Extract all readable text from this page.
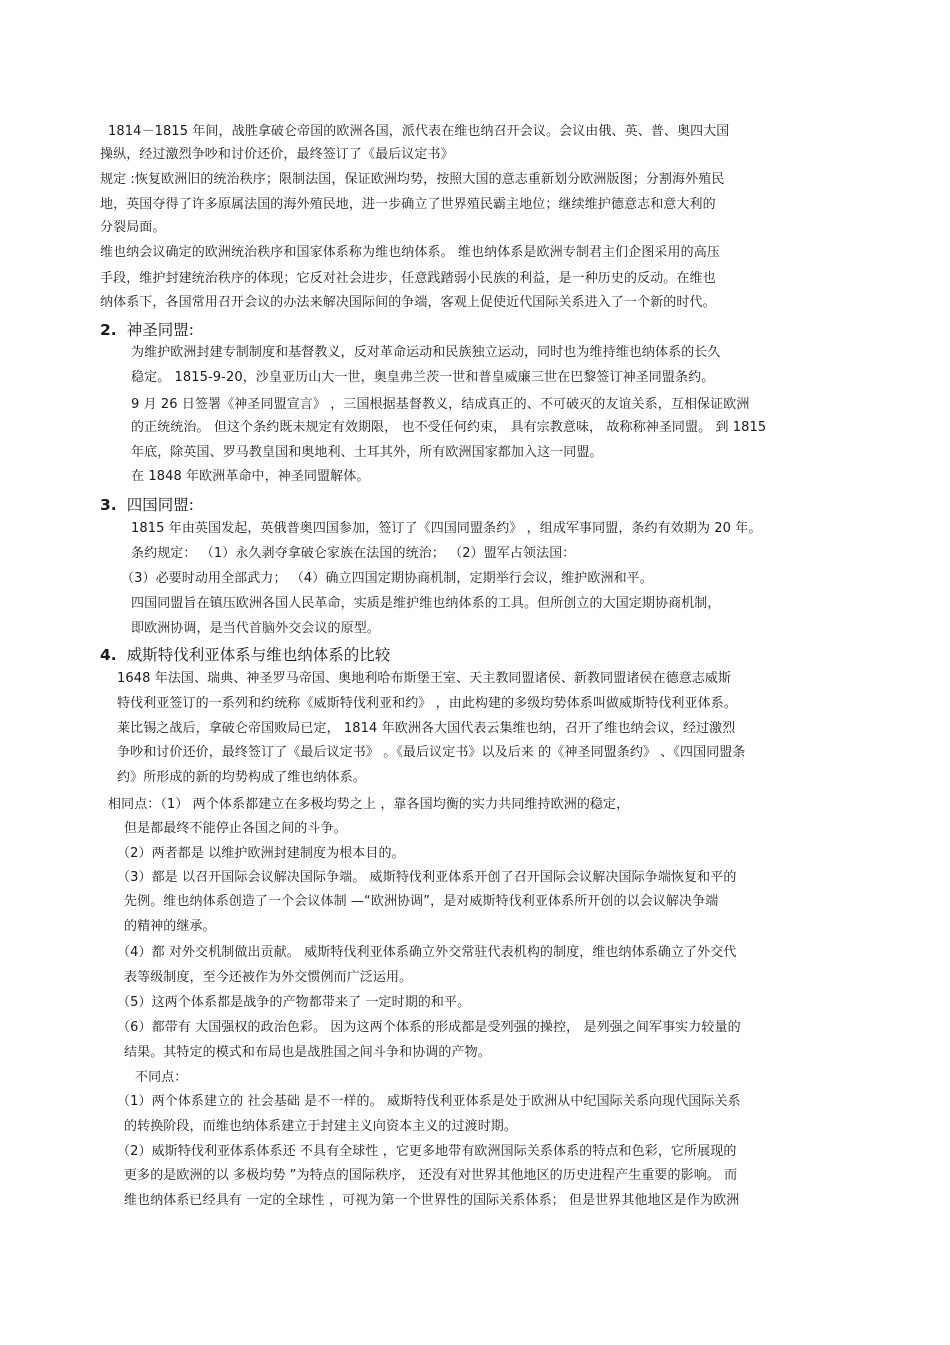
1814－1815 年间，战胜拿破仑帝国的欧洲各国，派代表在维也纳召开会议。会议由俄、英、普、奥四大国
操纵，经过激烈争吵和讨价还价，最终签订了《最后议定书》
规定 :恢复欧洲旧的统治秩序；限制法国，保证欧洲均势，按照大国的意志重新划分欧洲版图；分割海外殖民
地，英国夺得了许多原属法国的海外殖民地，进一步确立了世界殖民霸主地位；继续维护德意志和意大利的
分裂局面。
维也纳会议确定的欧洲统治秩序和国家体系称为维也纳体系。 维也纳体系是欧洲专制君主们企图采用的高压
手段，维护封建统治秩序的体现；它反对社会进步，任意践踏弱小民族的利益，是一种历史的反动。在维也
纳体系下，各国常用召开会议的办法来解决国际间的争端，客观上促使近代国际关系进入了一个新的时代。
2. 神圣同盟:
为维护欧洲封建专制制度和基督教义，反对革命运动和民族独立运动，同时也为维持维也纳体系的长久
稳定。 1815-9-20，沙皇亚历山大一世，奥皇弗兰茨一世和普皇威廉三世在巴黎签订神圣同盟条约。
9 月 26 日签署《神圣同盟宣言》 ，三国根据基督教义，结成真正的、不可破灭的友谊关系，互相保证欧洲
的正统统治。 但这个条约既未规定有效期限， 也不受任何约束， 具有宗教意味， 故称称神圣同盟。 到 1815
年底，除英国、罗马教皇国和奥地利、土耳其外，所有欧洲国家都加入这一同盟。
在 1848 年欧洲革命中，神圣同盟解体。
3. 四国同盟:
1815 年由英国发起，英俄普奥四国参加，签订了《四国同盟条约》 ，组成军事同盟，条约有效期为 20 年。
条约规定： （1）永久剥夺拿破仑家族在法国的统治； （2）盟军占领法国：
（3）必要时动用全部武力； （4）确立四国定期协商机制，定期举行会议，维护欧洲和平。
四国同盟旨在镇压欧洲各国人民革命，实质是维护维也纳体系的工具。但所创立的大国定期协商机制，
即欧洲协调，是当代首脑外交会议的原型。
4. 威斯特伐利亚体系与维也纳体系的比较
1648 年法国、瑞典、神圣罗马帝国、奥地利哈布斯堡王室、天主教同盟诸侯、新教同盟诸侯在德意志威斯
特伐利亚签订的一系列和约统称《威斯特伐利亚和约》 ，由此构建的多级均势体系叫做威斯特伐利亚体系。
莱比锡之战后，拿破仑帝国败局已定， 1814 年欧洲各大国代表云集维也纳，召开了维也纳会议，经过激烈
争吵和讨价还价，最终签订了《最后议定书》 。《最后议定书》以及后来 的《神圣同盟条约》 、《四国同盟条
约》所形成的新的均势构成了维也纳体系。
相同点：（1） 两个体系都建立在多极均势之上 ，靠各国均衡的实力共同维持欧洲的稳定，
但是都最终不能停止各国之间的斗争。
（2）两者都是 以维护欧洲封建制度为根本目的。
（3）都是 以召开国际会议解决国际争端。 威斯特伐利亚体系开创了召开国际会议解决国际争端恢复和平的
先例。维也纳体系创造了一个会议体制 —“欧洲协调”，是对威斯特伐利亚体系所开创的以会议解决争端
的精神的继承。
（4）都 对外交机制做出贡献。 威斯特伐利亚体系确立外交常驻代表机构的制度，维也纳体系确立了外交代
表等级制度，至今还被作为外交惯例而广泛运用。
（5）这两个体系都是战争的产物都带来了 一定时期的和平。
（6）都带有 大国强权的政治色彩。 因为这两个体系的形成都是受列强的操控， 是列强之间军事实力较量的
结果。其特定的模式和布局也是战胜国之间斗争和协调的产物。
不同点：
（1）两个体系建立的 社会基础 是不一样的。 威斯特伐利亚体系是处于欧洲从中纪国际关系向现代国际关系
的转换阶段，而维也纳体系建立于封建主义向资本主义的过渡时期。
（2）威斯特伐利亚体系体系还 不具有全球性 ，它更多地带有欧洲国际关系体系的特点和色彩，它所展现的
更多的是欧洲的以 多极均势 ”为特点的国际秩序， 还没有对世界其他地区的历史进程产生重要的影响。 而
维也纳体系已经具有 一定的全球性 ，可视为第一个世界性的国际关系体系； 但是世界其他地区是作为欧洲
